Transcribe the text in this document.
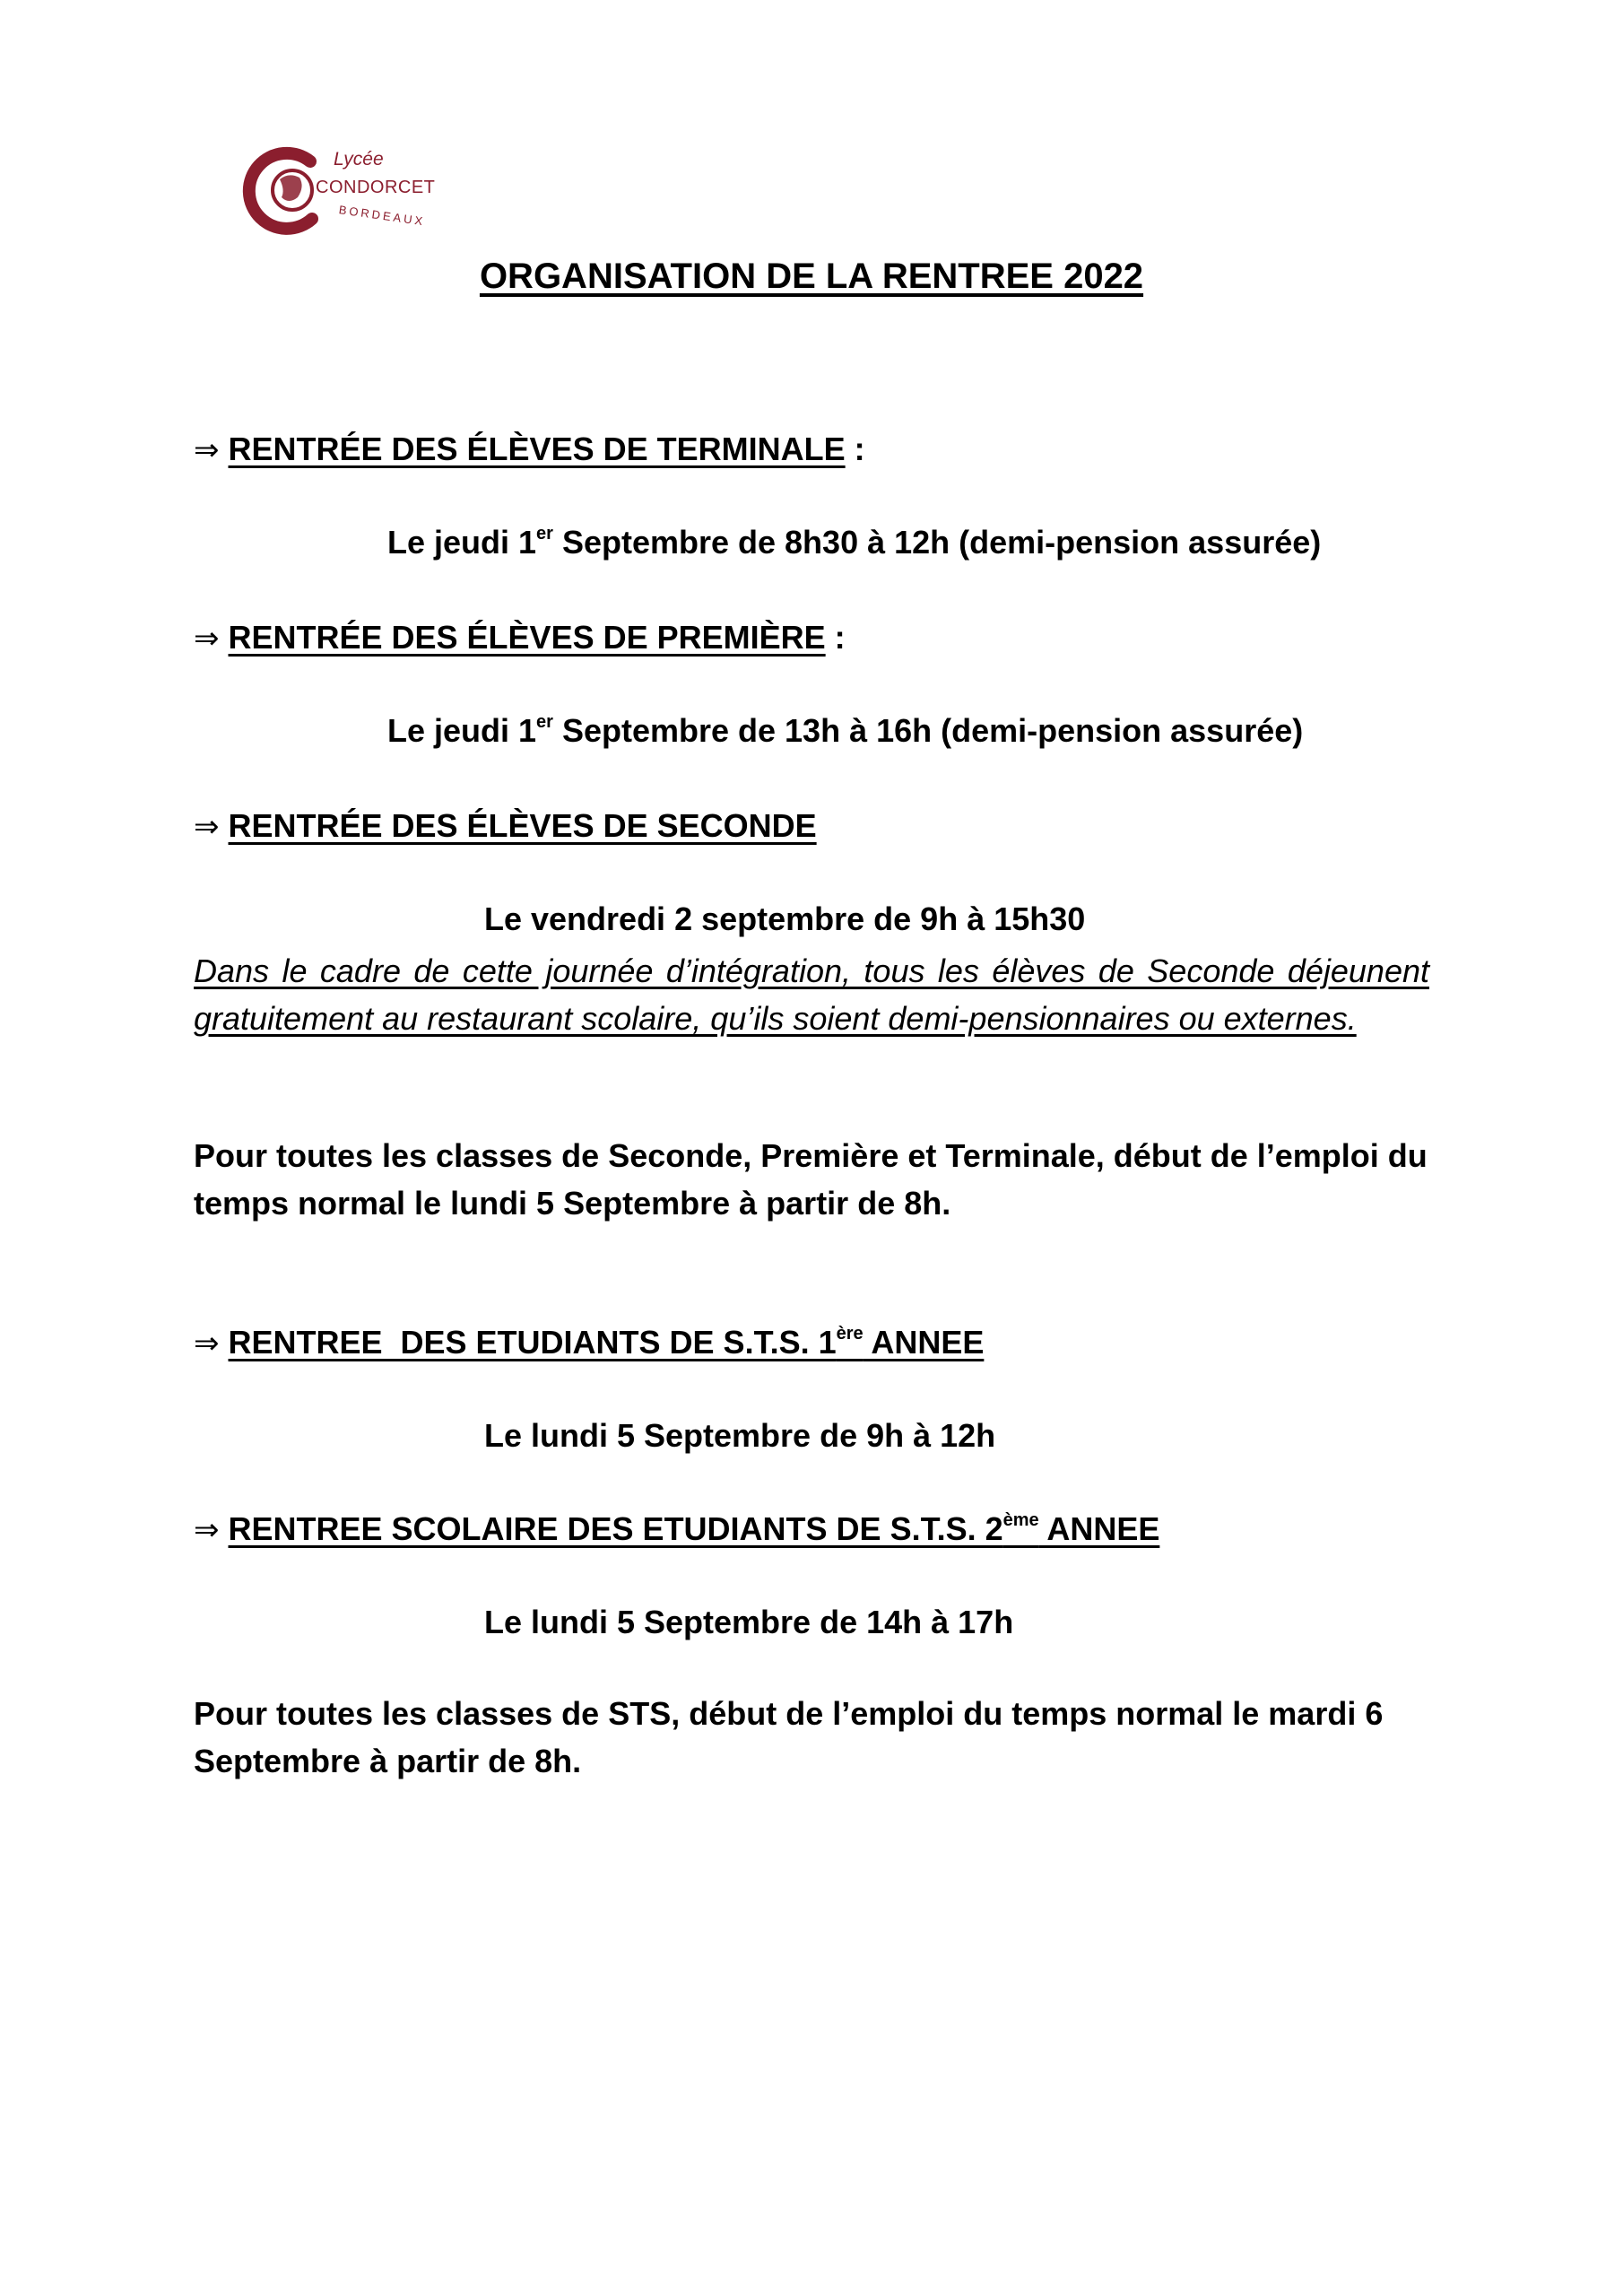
Lycée
CONDORCET
BORDEAUX
ORGANISATION DE LA RENTREE 2022
⇒ RENTRÉE DES ÉLÈVES DE TERMINALE :
Le jeudi 1er Septembre de 8h30 à 12h (demi-pension assurée)
⇒ RENTRÉE DES ÉLÈVES DE PREMIÈRE :
Le jeudi 1er Septembre de 13h à 16h (demi-pension assurée)
⇒ RENTRÉE DES ÉLÈVES DE SECONDE
Le vendredi 2 septembre de 9h à 15h30
Dans le cadre de cette journée d’intégration, tous les élèves de Seconde déjeunent gratuitement au restaurant scolaire, qu’ils soient demi-pensionnaires ou externes.
Pour toutes les classes de Seconde, Première et Terminale, début de l’emploi du temps normal le lundi 5 Septembre à partir de 8h.
⇒ RENTREE  DES ETUDIANTS DE S.T.S. 1ère ANNEE
Le lundi 5 Septembre de 9h à 12h
⇒ RENTREE SCOLAIRE DES ETUDIANTS DE S.T.S. 2ème ANNEE
Le lundi 5 Septembre de 14h à 17h
Pour toutes les classes de STS, début de l’emploi du temps normal le mardi 6 Septembre à partir de 8h.
